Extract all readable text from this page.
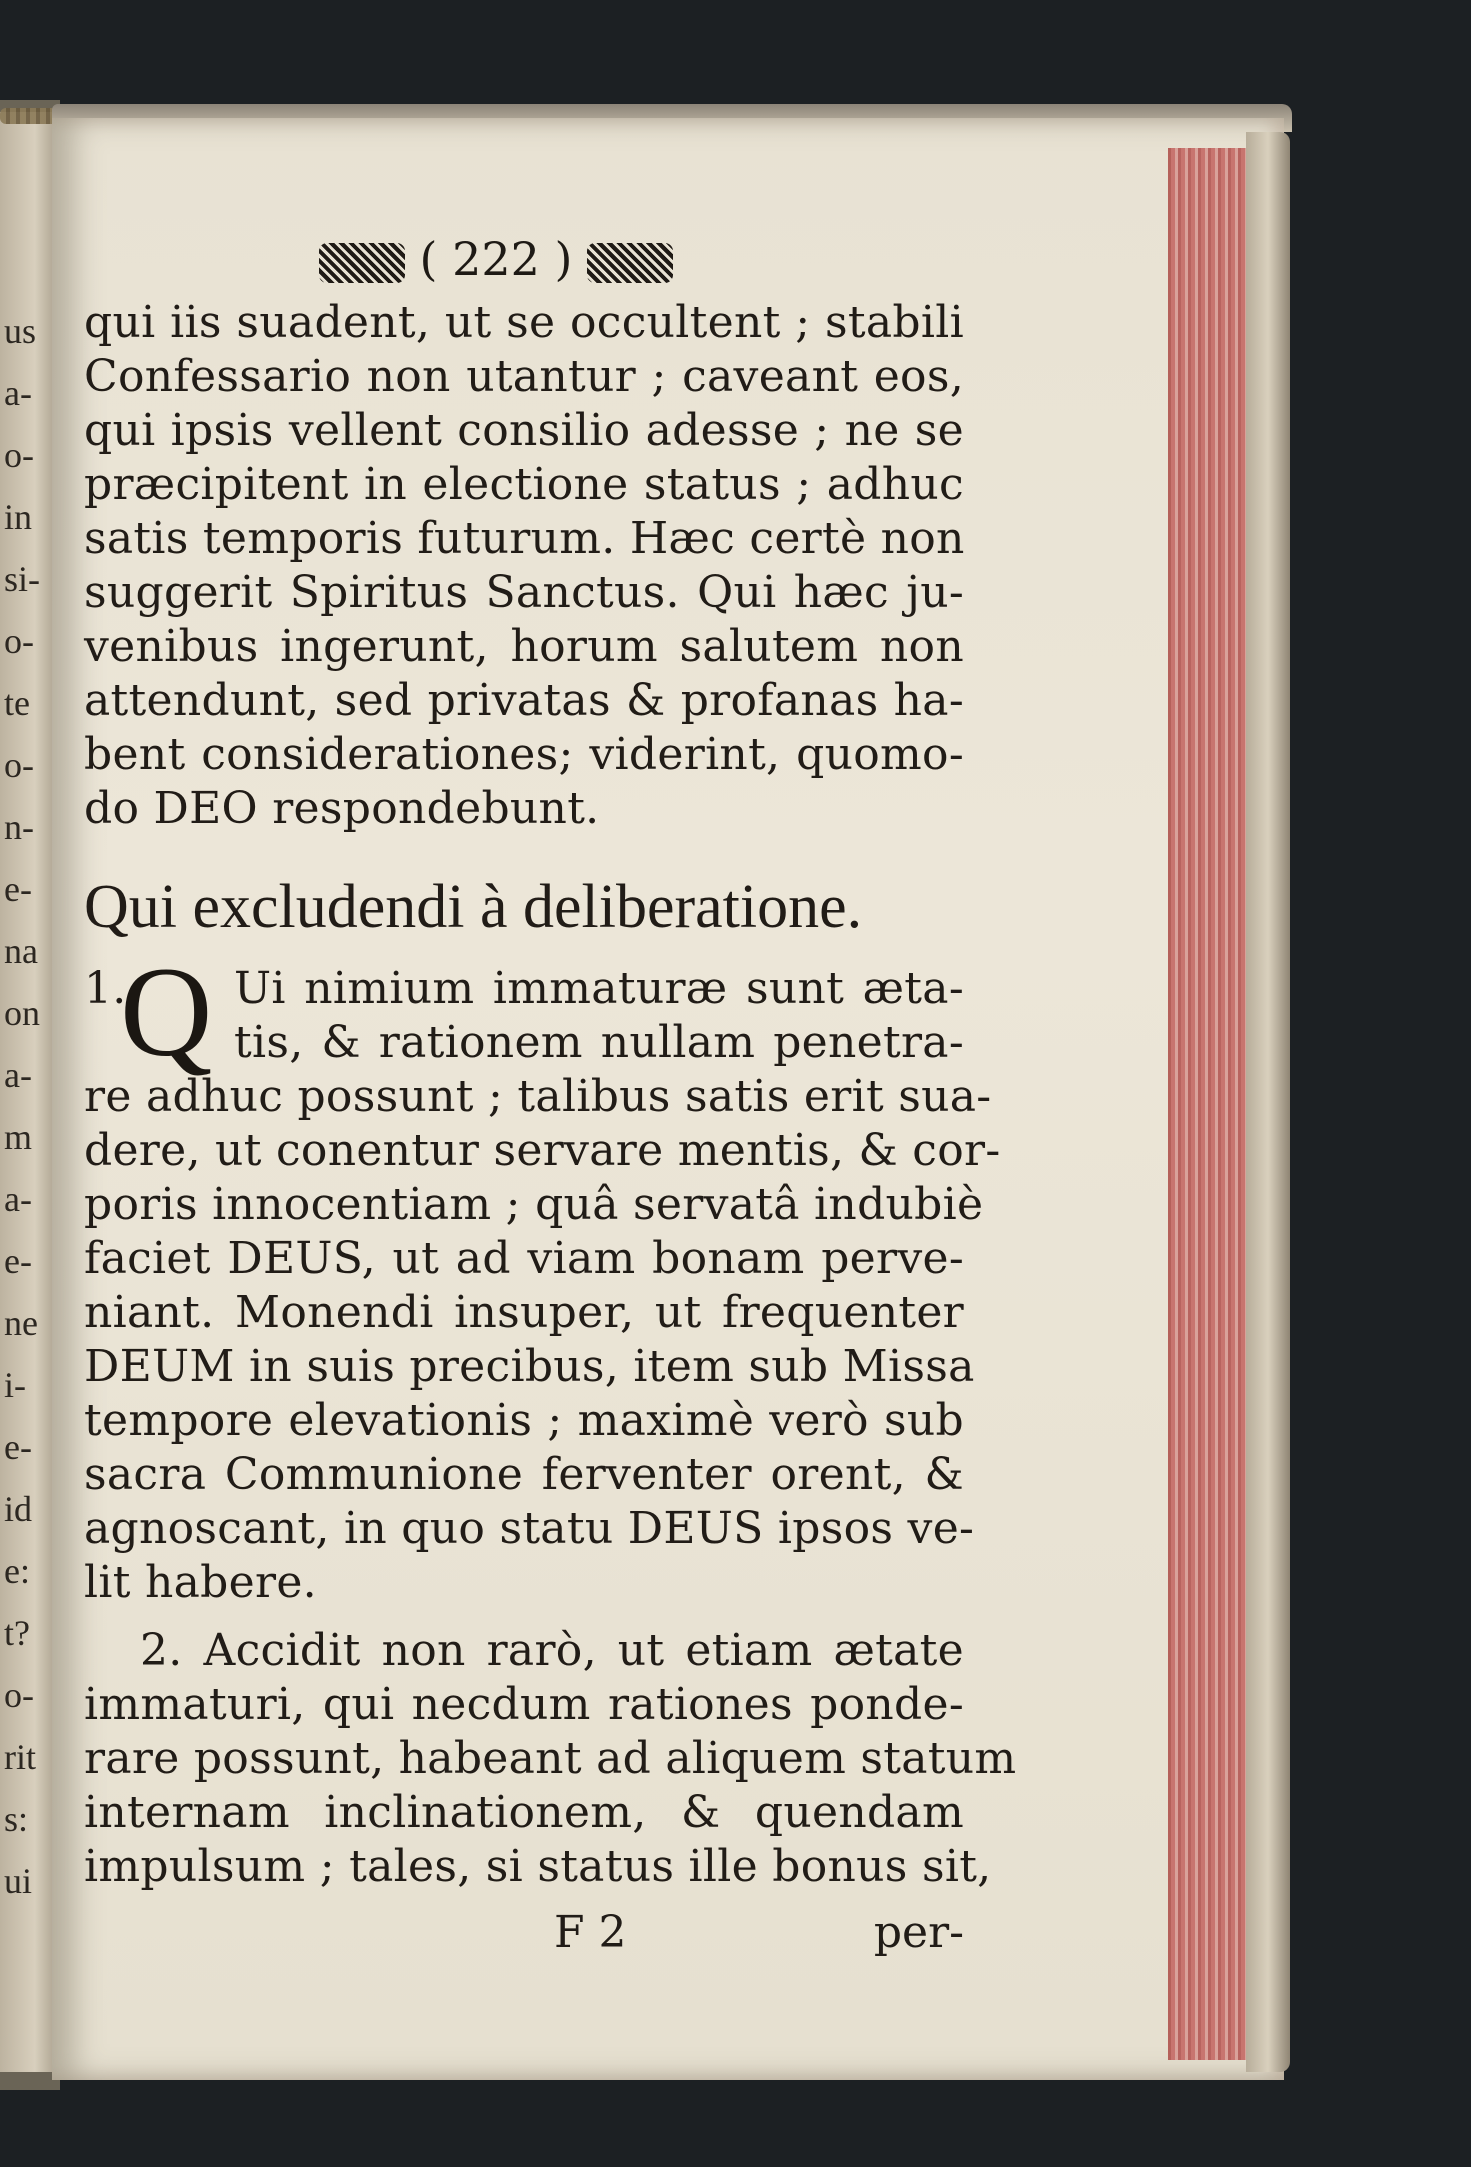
us
a-
o-
in
si-
o-
te
o-
n-
e-
na
on
a-
m
a-
e-
ne
i-
e-
id
e:
t?
o-
rit
s:
ui
( 222 )
qui iis suadent, ut se occultent ; stabili
Confessario non utantur ; caveant eos,
qui ipsis vellent consilio adesse ; ne se
præcipitent in electione status ; adhuc
satis temporis futurum. Hæc certè non
suggerit Spiritus Sanctus. Qui hæc ju-
venibus ingerunt, horum salutem non
attendunt, sed privatas & profanas ha-
bent considerationes; viderint, quomo-
do DEO respondebunt.
Qui excludendi à deliberatione.
1.
Q Ui nimium immaturæ sunt æta-
tis, & rationem nullam penetra-
re adhuc possunt ; talibus satis erit sua-
dere, ut conentur servare mentis, & cor-
poris innocentiam ; quâ servatâ indubiè
faciet DEUS, ut ad viam bonam perve-
niant. Monendi insuper, ut frequenter
DEUM in suis precibus, item sub Missa
tempore elevationis ; maximè verò sub
sacra Communione ferventer orent, &
agnoscant, in quo statu DEUS ipsos ve-
lit habere.
2. Accidit non rarò, ut etiam ætate
immaturi, qui necdum rationes ponde-
rare possunt, habeant ad aliquem statum
internam inclinationem, & quendam
impulsum ; tales, si status ille bonus sit,
F 2	per-
